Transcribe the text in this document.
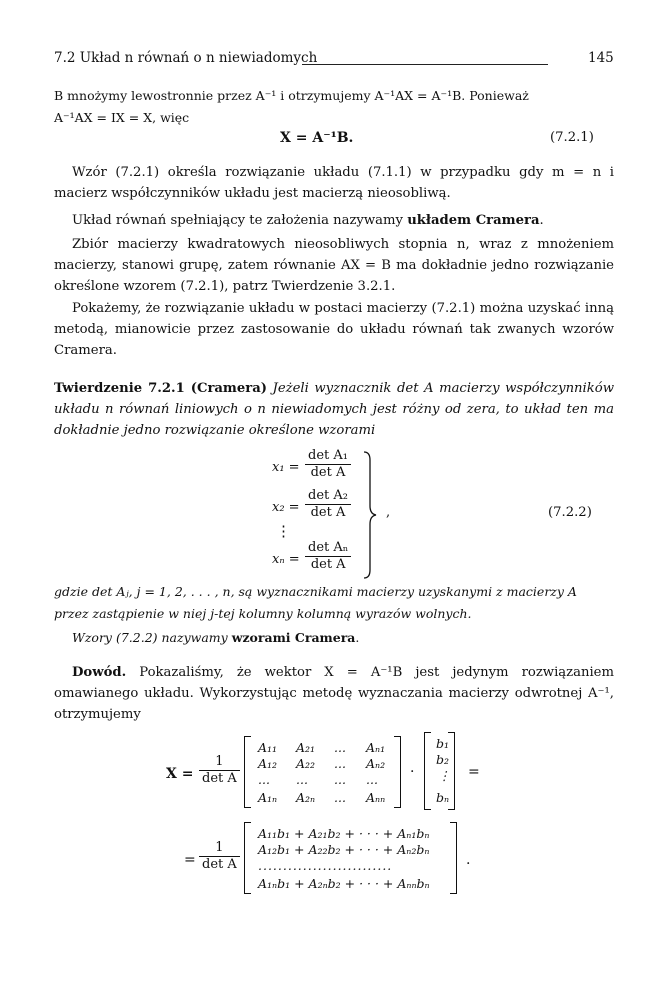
7.2 Układ n równań o n niewiadomych	145
B mnożymy lewostronnie przez A⁻¹ i otrzymujemy A⁻¹AX = A⁻¹B. Ponieważ
A⁻¹AX = IX = X, więc
X = A⁻¹B.	(7.2.1)
Wzór (7.2.1) określa rozwiązanie układu (7.1.1) w przypadku gdy m = n i macierz współczynników układu jest macierzą nieosobliwą.
Układ równań spełniający te założenia nazywamy układem Cramera.
Zbiór macierzy kwadratowych nieosobliwych stopnia n, wraz z mnożeniem macierzy, stanowi grupę, zatem równanie AX = B ma dokładnie jedno rozwiązanie określone wzorem (7.2.1), patrz Twierdzenie 3.2.1.
Pokażemy, że rozwiązanie układu w postaci macierzy (7.2.1) można uzyskać inną metodą, mianowicie przez zastosowanie do układu równań tak zwanych wzorów Cramera.
Twierdzenie 7.2.1 (Cramera) Jeżeli wyznacznik det A macierzy współczynników układu n równań liniowych o n niewiadomych jest różny od zera, to układ ten ma dokładnie jedno rozwiązanie określone wzorami
x₁ =
det A₁
det A
x₂ =
det A₂
det A
⋮
xₙ =
det Aₙ
det A
,	(7.2.2)
gdzie det Aⱼ, j = 1, 2, . . . , n, są wyznacznikami macierzy uzyskanymi z macierzy A
przez zastąpienie w niej j-tej kolumny kolumną wyrazów wolnych.
Wzory (7.2.2) nazywamy wzorami Cramera.
Dowód. Pokazaliśmy, że wektor X = A⁻¹B jest jedynym rozwiązaniem omawianego układu. Wykorzystując metodę wyznaczania macierzy odwrotnej A⁻¹, otrzymujemy
X =
1
det A
A₁₁ A₂₁ ... Aₙ₁
A₁₂ A₂₂ ... Aₙ₂
... ... ... ...
A₁ₙ A₂ₙ ... Aₙₙ
·
b₁
b₂
⋮
bₙ
=
=
1
det A
A₁₁b₁ + A₂₁b₂ + · · · + Aₙ₁bₙ
A₁₂b₁ + A₂₂b₂ + · · · + Aₙ₂bₙ
...........................
A₁ₙb₁ + A₂ₙb₂ + · · · + Aₙₙbₙ
.
